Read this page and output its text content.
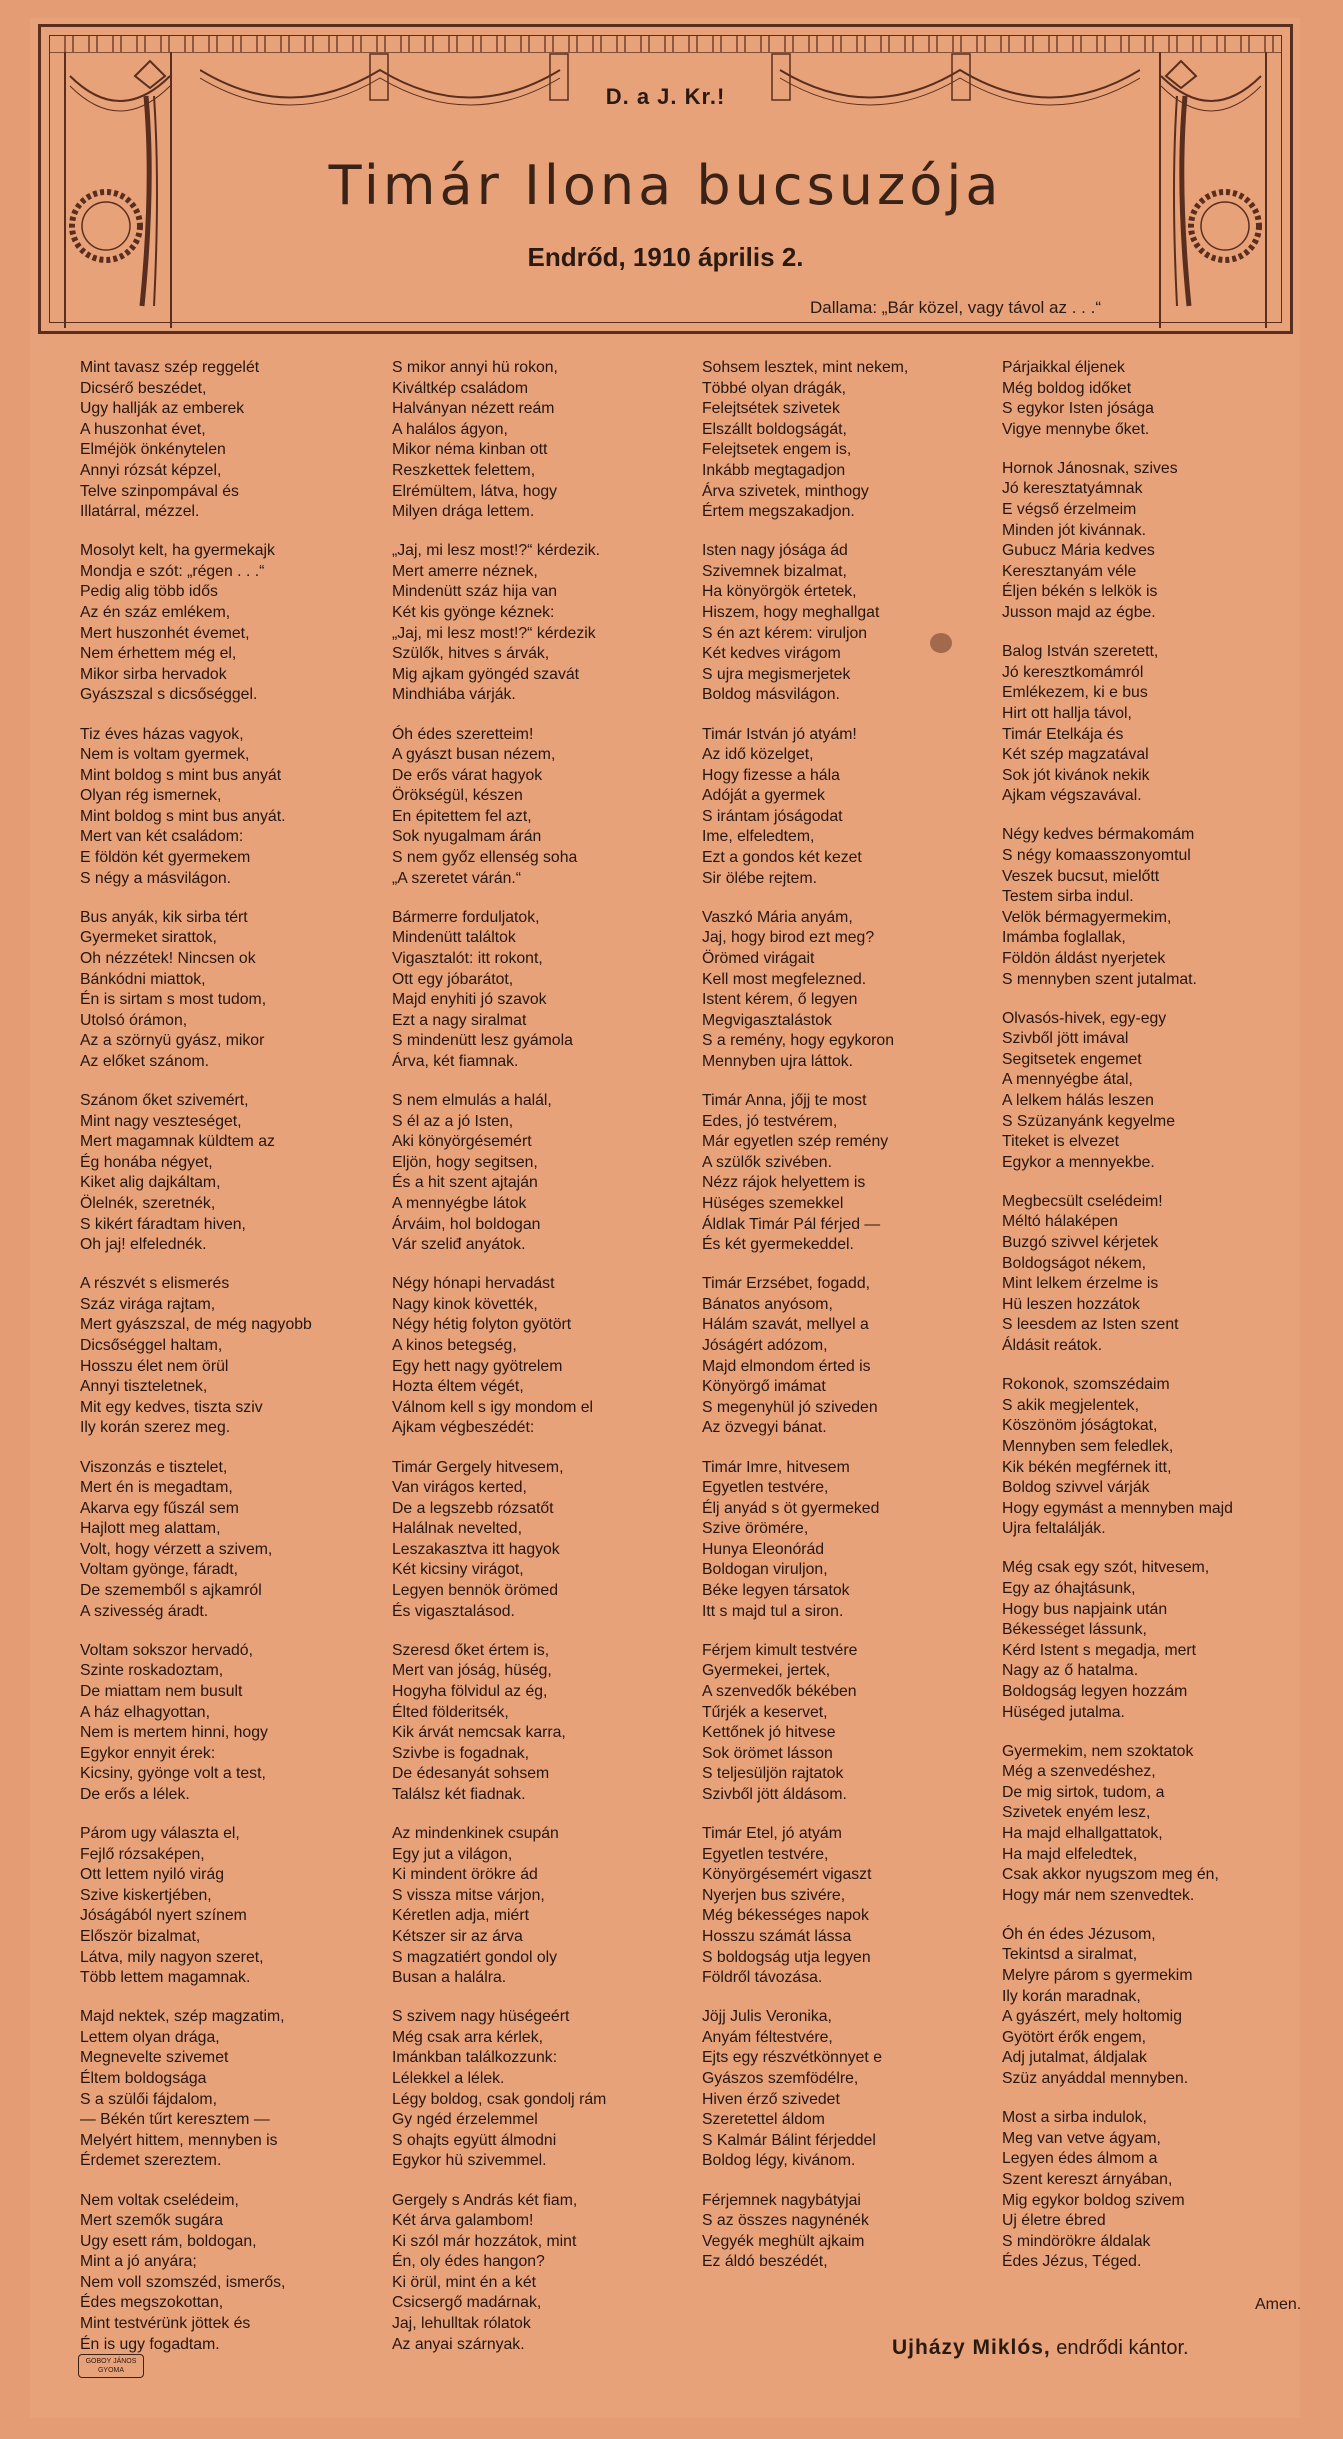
D. a J. Kr.!
Timár Ilona bucsuzója
Endrőd, 1910 április 2.
Dallama: „Bár közel, vagy távol az . . .“
Mint tavasz szép reggelét
Dicsérő beszédet,
Ugy hallják az emberek
A huszonhat évet,
Elméjök önkénytelen
Annyi rózsát képzel,
Telve szinpompával és
Illatárral, mézzel.
Mosolyt kelt, ha gyermekajk
Mondja e szót: „régen . . .“
Pedig alig több idős
Az én száz emlékem,
Mert huszonhét évemet,
Nem érhettem még el,
Mikor sirba hervadok
Gyászszal s dicsőséggel.
Tiz éves házas vagyok,
Nem is voltam gyermek,
Mint boldog s mint bus anyát
Olyan rég ismernek,
Mint boldog s mint bus anyát.
Mert van két családom:
E földön két gyermekem
S négy a másvilágon.
Bus anyák, kik sirba tért
Gyermeket sirattok,
Oh nézzétek! Nincsen ok
Bánkódni miattok,
Én is sirtam s most tudom,
Utolsó órámon,
Az a szörnyü gyász, mikor
Az előket szánom.
Szánom őket szivemért,
Mint nagy veszteséget,
Mert magamnak küldtem az
Ég honába négyet,
Kiket alig dajkáltam,
Ölelnék, szeretnék,
S kikért fáradtam hiven,
Oh jaj! elfelednék.
A részvét s elismerés
Száz virága rajtam,
Mert gyászszal, de még nagyobb
Dicsőséggel haltam,
Hosszu élet nem örül
Annyi tiszteletnek,
Mit egy kedves, tiszta sziv
Ily korán szerez meg.
Viszonzás e tisztelet,
Mert én is megadtam,
Akarva egy fűszál sem
Hajlott meg alattam,
Volt, hogy vérzett a szivem,
Voltam gyönge, fáradt,
De szememből s ajkamról
A szivesség áradt.
Voltam sokszor hervadó,
Szinte roskadoztam,
De miattam nem busult
A ház elhagyottan,
Nem is mertem hinni, hogy
Egykor ennyit érek:
Kicsiny, gyönge volt a test,
De erős a lélek.
Párom ugy választa el,
Fejlő rózsaképen,
Ott lettem nyiló virág
Szive kiskertjében,
Jóságából nyert színem
Először bizalmat,
Látva, mily nagyon szeret,
Több lettem magamnak.
Majd nektek, szép magzatim,
Lettem olyan drága,
Megnevelte szivemet
Éltem boldogsága
S a szülői fájdalom,
— Békén tűrt keresztem —
Melyért hittem, mennyben is
Érdemet szereztem.
Nem voltak cselédeim,
Mert szemők sugára
Ugy esett rám, boldogan,
Mint a jó anyára;
Nem voll szomszéd, ismerős,
Édes megszokottan,
Mint testvérünk jöttek és
Én is ugy fogadtam.
S mikor annyi hü rokon,
Kiváltkép családom
Halványan nézett reám
A halálos ágyon,
Mikor néma kinban ott
Reszkettek felettem,
Elrémültem, látva, hogy
Milyen drága lettem.
„Jaj, mi lesz most!?“ kérdezik.
Mert amerre néznek,
Mindenütt száz hija van
Két kis gyönge kéznek:
„Jaj, mi lesz most!?“ kérdezik
Szülők, hitves s árvák,
Mig ajkam gyöngéd szavát
Mindhiába várják.
Óh édes szeretteim!
A gyászt busan nézem,
De erős várat hagyok
Örökségül, készen
En épitettem fel azt,
Sok nyugalmam árán
S nem győz ellenség soha
„A szeretet várán.“
Bármerre forduljatok,
Mindenütt találtok
Vigasztalót: itt rokont,
Ott egy jóbarátot,
Majd enyhiti jó szavok
Ezt a nagy siralmat
S mindenütt lesz gyámola
Árva, két fiamnak.
S nem elmulás a halál,
S él az a jó Isten,
Aki könyörgésemért
Eljön, hogy segitsen,
És a hit szent ajtaján
A mennyégbe látok
Árváim, hol boldogan
Vár szeliđ anyátok.
Négy hónapi hervadást
Nagy kinok követték,
Négy hétig folyton gyötört
A kinos betegség,
Egy hett nagy gyötrelem
Hozta éltem végét,
Válnom kell s igy mondom el
Ajkam végbeszédét:
Timár Gergely hitvesem,
Van virágos kerted,
De a legszebb rózsatőt
Halálnak nevelted,
Leszakasztva itt hagyok
Két kicsiny virágot,
Legyen bennök örömed
És vigasztalásod.
Szeresd őket értem is,
Mert van jóság, hüség,
Hogyha fölvidul az ég,
Élted földeritsék,
Kik árvát nemcsak karra,
Szivbe is fogadnak,
De édesanyát sohsem
Találsz két fiadnak.
Az mindenkinek csupán
Egy jut a világon,
Ki mindent örökre ád
S vissza mitse várjon,
Kéretlen adja, miért
Kétszer sir az árva
S magzatiért gondol oly
Busan a halálra.
S szivem nagy hüségeért
Még csak arra kérlek,
Imánkban találkozzunk:
Lélekkel a lélek.
Légy boldog, csak gondolj rám
Gy ngéd érzelemmel
S ohajts együtt álmodni
Egykor hü szivemmel.
Gergely s András két fiam,
Két árva galambom!
Ki szól már hozzátok, mint
Én, oly édes hangon?
Ki örül, mint én a két
Csicsergő madárnak,
Jaj, lehulltak rólatok
Az anyai szárnyak.
Sohsem lesztek, mint nekem,
Többé olyan drágák,
Felejtsétek szivetek
Elszállt boldogságát,
Felejtsetek engem is,
Inkább megtagadjon
Árva szivetek, minthogy
Értem megszakadjon.
Isten nagy jósága ád
Szivemnek bizalmat,
Ha könyörgök értetek,
Hiszem, hogy meghallgat
S én azt kérem: viruljon
Két kedves virágom
S ujra megismerjetek
Boldog másvilágon.
Timár István jó atyám!
Az idő közelget,
Hogy fizesse a hála
Adóját a gyermek
S irántam jóságodat
Ime, elfeledtem,
Ezt a gondos két kezet
Sir ölébe rejtem.
Vaszkó Mária anyám,
Jaj, hogy birod ezt meg?
Örömed virágait
Kell most megfelezned.
Istent kérem, ő legyen
Megvigasztalástok
S a remény, hogy egykoron
Mennyben ujra láttok.
Timár Anna, jőjj te most
Edes, jó testvérem,
Már egyetlen szép remény
A szülők szivében.
Nézz rájok helyettem is
Hüséges szemekkel
Áldlak Timár Pál férjed —
És két gyermekeddel.
Timár Erzsébet, fogadd,
Bánatos anyósom,
Hálám szavát, mellyel a
Jóságért adózom,
Majd elmondom érted is
Könyörgő imámat
S megenyhül jó sziveden
Az özvegyi bánat.
Timár Imre, hitvesem
Egyetlen testvére,
Élj anyád s öt gyermeked
Szive örömére,
Hunya Eleonórád
Boldogan viruljon,
Béke legyen társatok
Itt s majd tul a siron.
Férjem kimult testvére
Gyermekei, jertek,
A szenvedők békében
Tűrjék a keservet,
Kettőnek jó hitvese
Sok örömet lásson
S teljesüljön rajtatok
Szivből jött áldásom.
Timár Etel, jó atyám
Egyetlen testvére,
Könyörgésemért vigaszt
Nyerjen bus szivére,
Még békességes napok
Hosszu számát lássa
S boldogság utja legyen
Földről távozása.
Jöjj Julis Veronika,
Anyám féltestvére,
Ejts egy részvétkönnyet e
Gyászos szemfödélre,
Hiven érző szivedet
Szeretettel áldom
S Kalmár Bálint férjeddel
Boldog légy, kivánom.
Férjemnek nagybátyjai
S az összes nagynénék
Vegyék meghült ajkaim
Ez áldó beszédét,
Párjaikkal éljenek
Még boldog időket
S egykor Isten jósága
Vigye mennybe őket.
Hornok Jánosnak, szives
Jó keresztatyámnak
E végső érzelmeim
Minden jót kivánnak.
Gubucz Mária kedves
Keresztanyám véle
Éljen békén s lelkök is
Jusson majd az égbe.
Balog István szeretett,
Jó keresztkomámról
Emlékezem, ki e bus
Hirt ott hallja távol,
Timár Etelkája és
Két szép magzatával
Sok jót kivánok nekik
Ajkam végszavával.
Négy kedves bérmakomám
S négy komaasszonyomtul
Veszek bucsut, mielőtt
Testem sirba indul.
Velök bérmagyermekim,
Imámba foglallak,
Földön áldást nyerjetek
S mennyben szent jutalmat.
Olvasós-hivek, egy-egy
Szivből jött imával
Segitsetek engemet
A mennyégbe átal,
A lelkem hálás leszen
S Szüzanyánk kegyelme
Titeket is elvezet
Egykor a mennyekbe.
Megbecsült cselédeim!
Méltó hálaképen
Buzgó szivvel kérjetek
Boldogságot nékem,
Mint lelkem érzelme is
Hü leszen hozzátok
S leesdem az Isten szent
Áldásit reátok.
Rokonok, szomszédaim
S akik megjelentek,
Köszönöm jóságtokat,
Mennyben sem feledlek,
Kik békén megférnek itt,
Boldog szivvel várják
Hogy egymást a mennyben majd
Ujra feltalálják.
Még csak egy szót, hitvesem,
Egy az óhajtásunk,
Hogy bus napjaink után
Békességet lássunk,
Kérd Istent s megadja, mert
Nagy az ő hatalma.
Boldogság legyen hozzám
Hüséged jutalma.
Gyermekim, nem szoktatok
Még a szenvedéshez,
De mig sirtok, tudom, a
Szivetek enyém lesz,
Ha majd elhallgattatok,
Ha majd elfeledtek,
Csak akkor nyugszom meg én,
Hogy már nem szenvedtek.
Óh én édes Jézusom,
Tekintsd a siralmat,
Melyre párom s gyermekim
Ily korán maradnak,
A gyászért, mely holtomig
Gyötört érők engem,
Adj jutalmat, áldjalak
Szüz anyáddal mennyben.
Most a sirba indulok,
Meg van vetve ágyam,
Legyen édes álmom a
Szent kereszt árnyában,
Mig egykor boldog szivem
Uj életre ébred
S mindörökre áldalak
Édes Jézus, Téged.
Amen.
Ujházy Miklós, endrődi kántor.
GOBOY JÁNOS GYOMA
